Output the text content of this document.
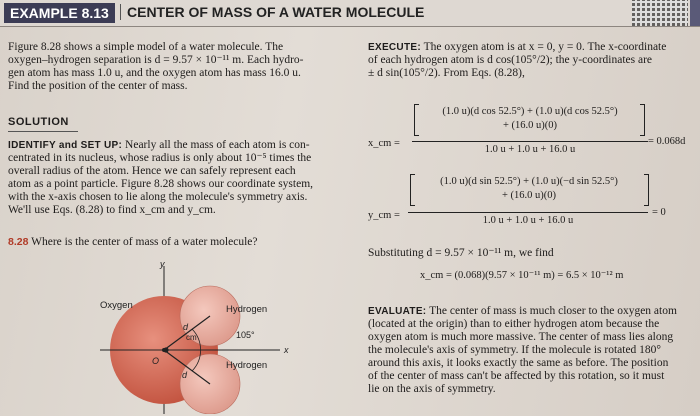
EXAMPLE 8.13	CENTER OF MASS OF A WATER MOLECULE
Figure 8.28 shows a simple model of a water molecule. The
oxygen–hydrogen separation is d = 9.57 × 10⁻¹¹ m. Each hydro-
gen atom has mass 1.0 u, and the oxygen atom has mass 16.0 u.
Find the position of the center of mass.
SOLUTION
IDENTIFY and SET UP: Nearly all the mass of each atom is con-
centrated in its nucleus, whose radius is only about 10⁻⁵ times the
overall radius of the atom. Hence we can safely represent each
atom as a point particle. Figure 8.28 shows our coordinate system,
with the x-axis chosen to lie along the molecule's symmetry axis.
We'll use Eqs. (8.28) to find x_cm and y_cm.
8.28 Where is the center of mass of a water molecule?
Oxygen	Hydrogen
Hydrogen
105°
cm
d
d
O
x
y
EXECUTE: The oxygen atom is at x = 0, y = 0. The x-coordinate
of each hydrogen atom is d cos(105°/2); the y-coordinates are
± d sin(105°/2). From Eqs. (8.28),
x_cm =
(1.0 u)(d cos 52.5°) + (1.0 u)(d cos 52.5°)
+ (16.0 u)(0)
1.0 u + 1.0 u + 16.0 u
= 0.068d
y_cm =
(1.0 u)(d sin 52.5°) + (1.0 u)(−d sin 52.5°)
+ (16.0 u)(0)
1.0 u + 1.0 u + 16.0 u
= 0
Substituting d = 9.57 × 10⁻¹¹ m, we find
x_cm = (0.068)(9.57 × 10⁻¹¹ m) = 6.5 × 10⁻¹² m
EVALUATE: The center of mass is much closer to the oxygen atom
(located at the origin) than to either hydrogen atom because the
oxygen atom is much more massive. The center of mass lies along
the molecule's axis of symmetry. If the molecule is rotated 180°
around this axis, it looks exactly the same as before. The position
of the center of mass can't be affected by this rotation, so it must
lie on the axis of symmetry.
